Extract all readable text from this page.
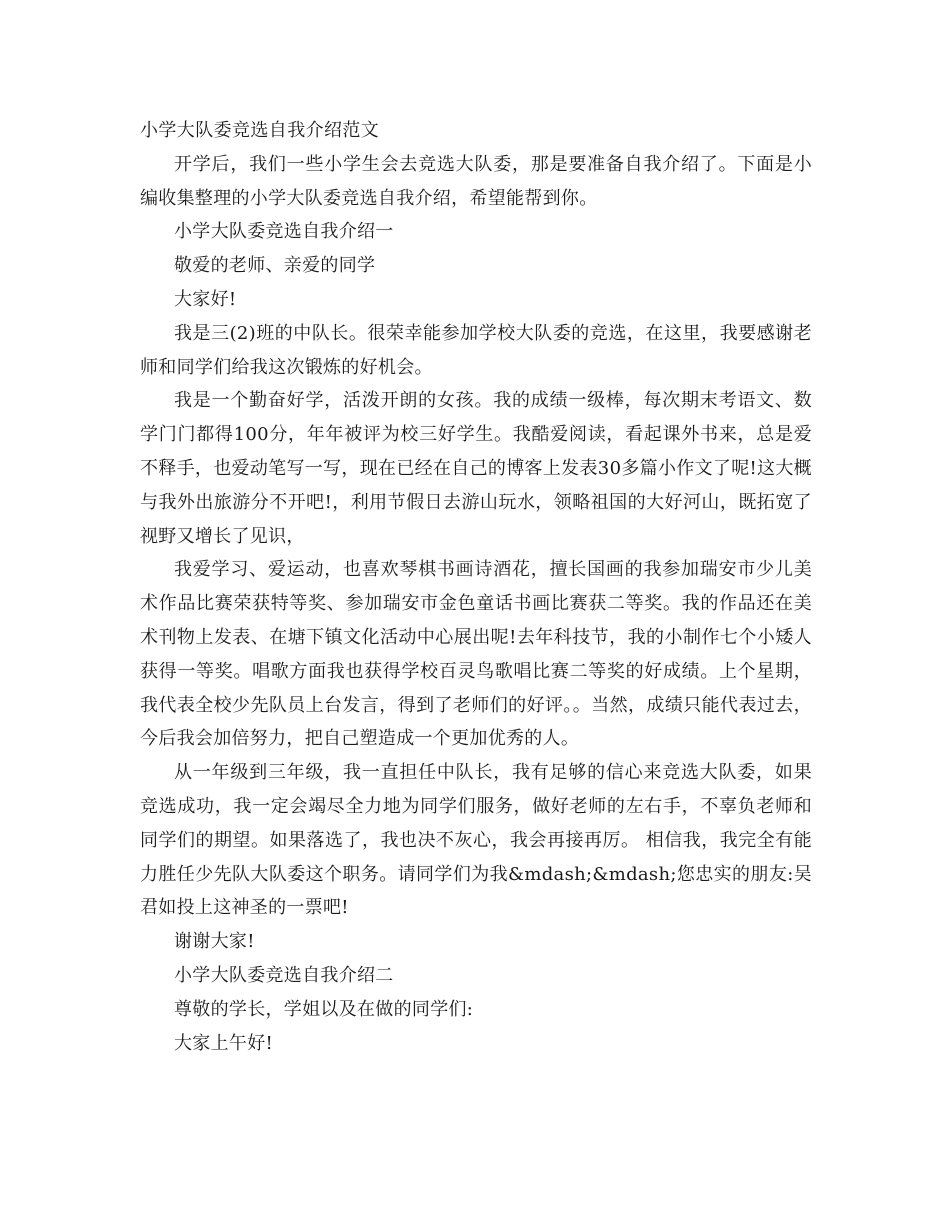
小学大队委竞选自我介绍范文

开学后，我们一些小学生会去竞选大队委，那是要准备自我介绍了。下面是小编收集整理的小学大队委竞选自我介绍，希望能帮到你。

小学大队委竞选自我介绍一

敬爱的老师、亲爱的同学

大家好!

我是三(2)班的中队长。很荣幸能参加学校大队委的竞选，在这里，我要感谢老师和同学们给我这次锻炼的好机会。

我是一个勤奋好学，活泼开朗的女孩。我的成绩一级棒，每次期末考语文、数学门门都得100分，年年被评为校三好学生。我酷爱阅读，看起课外书来，总是爱不释手，也爱动笔写一写，现在已经在自己的博客上发表30多篇小作文了呢!这大概与我外出旅游分不开吧!，利用节假日去游山玩水，领略祖国的大好河山，既拓宽了视野又增长了见识，

我爱学习、爱运动，也喜欢琴棋书画诗酒花，擅长国画的我参加瑞安市少儿美术作品比赛荣获特等奖、参加瑞安市金色童话书画比赛获二等奖。我的作品还在美术刊物上发表、在塘下镇文化活动中心展出呢!去年科技节，我的小制作七个小矮人获得一等奖。唱歌方面我也获得学校百灵鸟歌唱比赛二等奖的好成绩。上个星期，我代表全校少先队员上台发言，得到了老师们的好评。。当然，成绩只能代表过去，今后我会加倍努力，把自己塑造成一个更加优秀的人。

从一年级到三年级，我一直担任中队长，我有足够的信心来竞选大队委，如果竞选成功，我一定会竭尽全力地为同学们服务，做好老师的左右手，不辜负老师和同学们的期望。如果落选了，我也决不灰心，我会再接再厉。 相信我，我完全有能力胜任少先队大队委这个职务。请同学们为我&mdash;&mdash;您忠实的朋友:吴君如投上这神圣的一票吧!

谢谢大家!

小学大队委竞选自我介绍二

尊敬的学长，学姐以及在做的同学们:

大家上午好!
